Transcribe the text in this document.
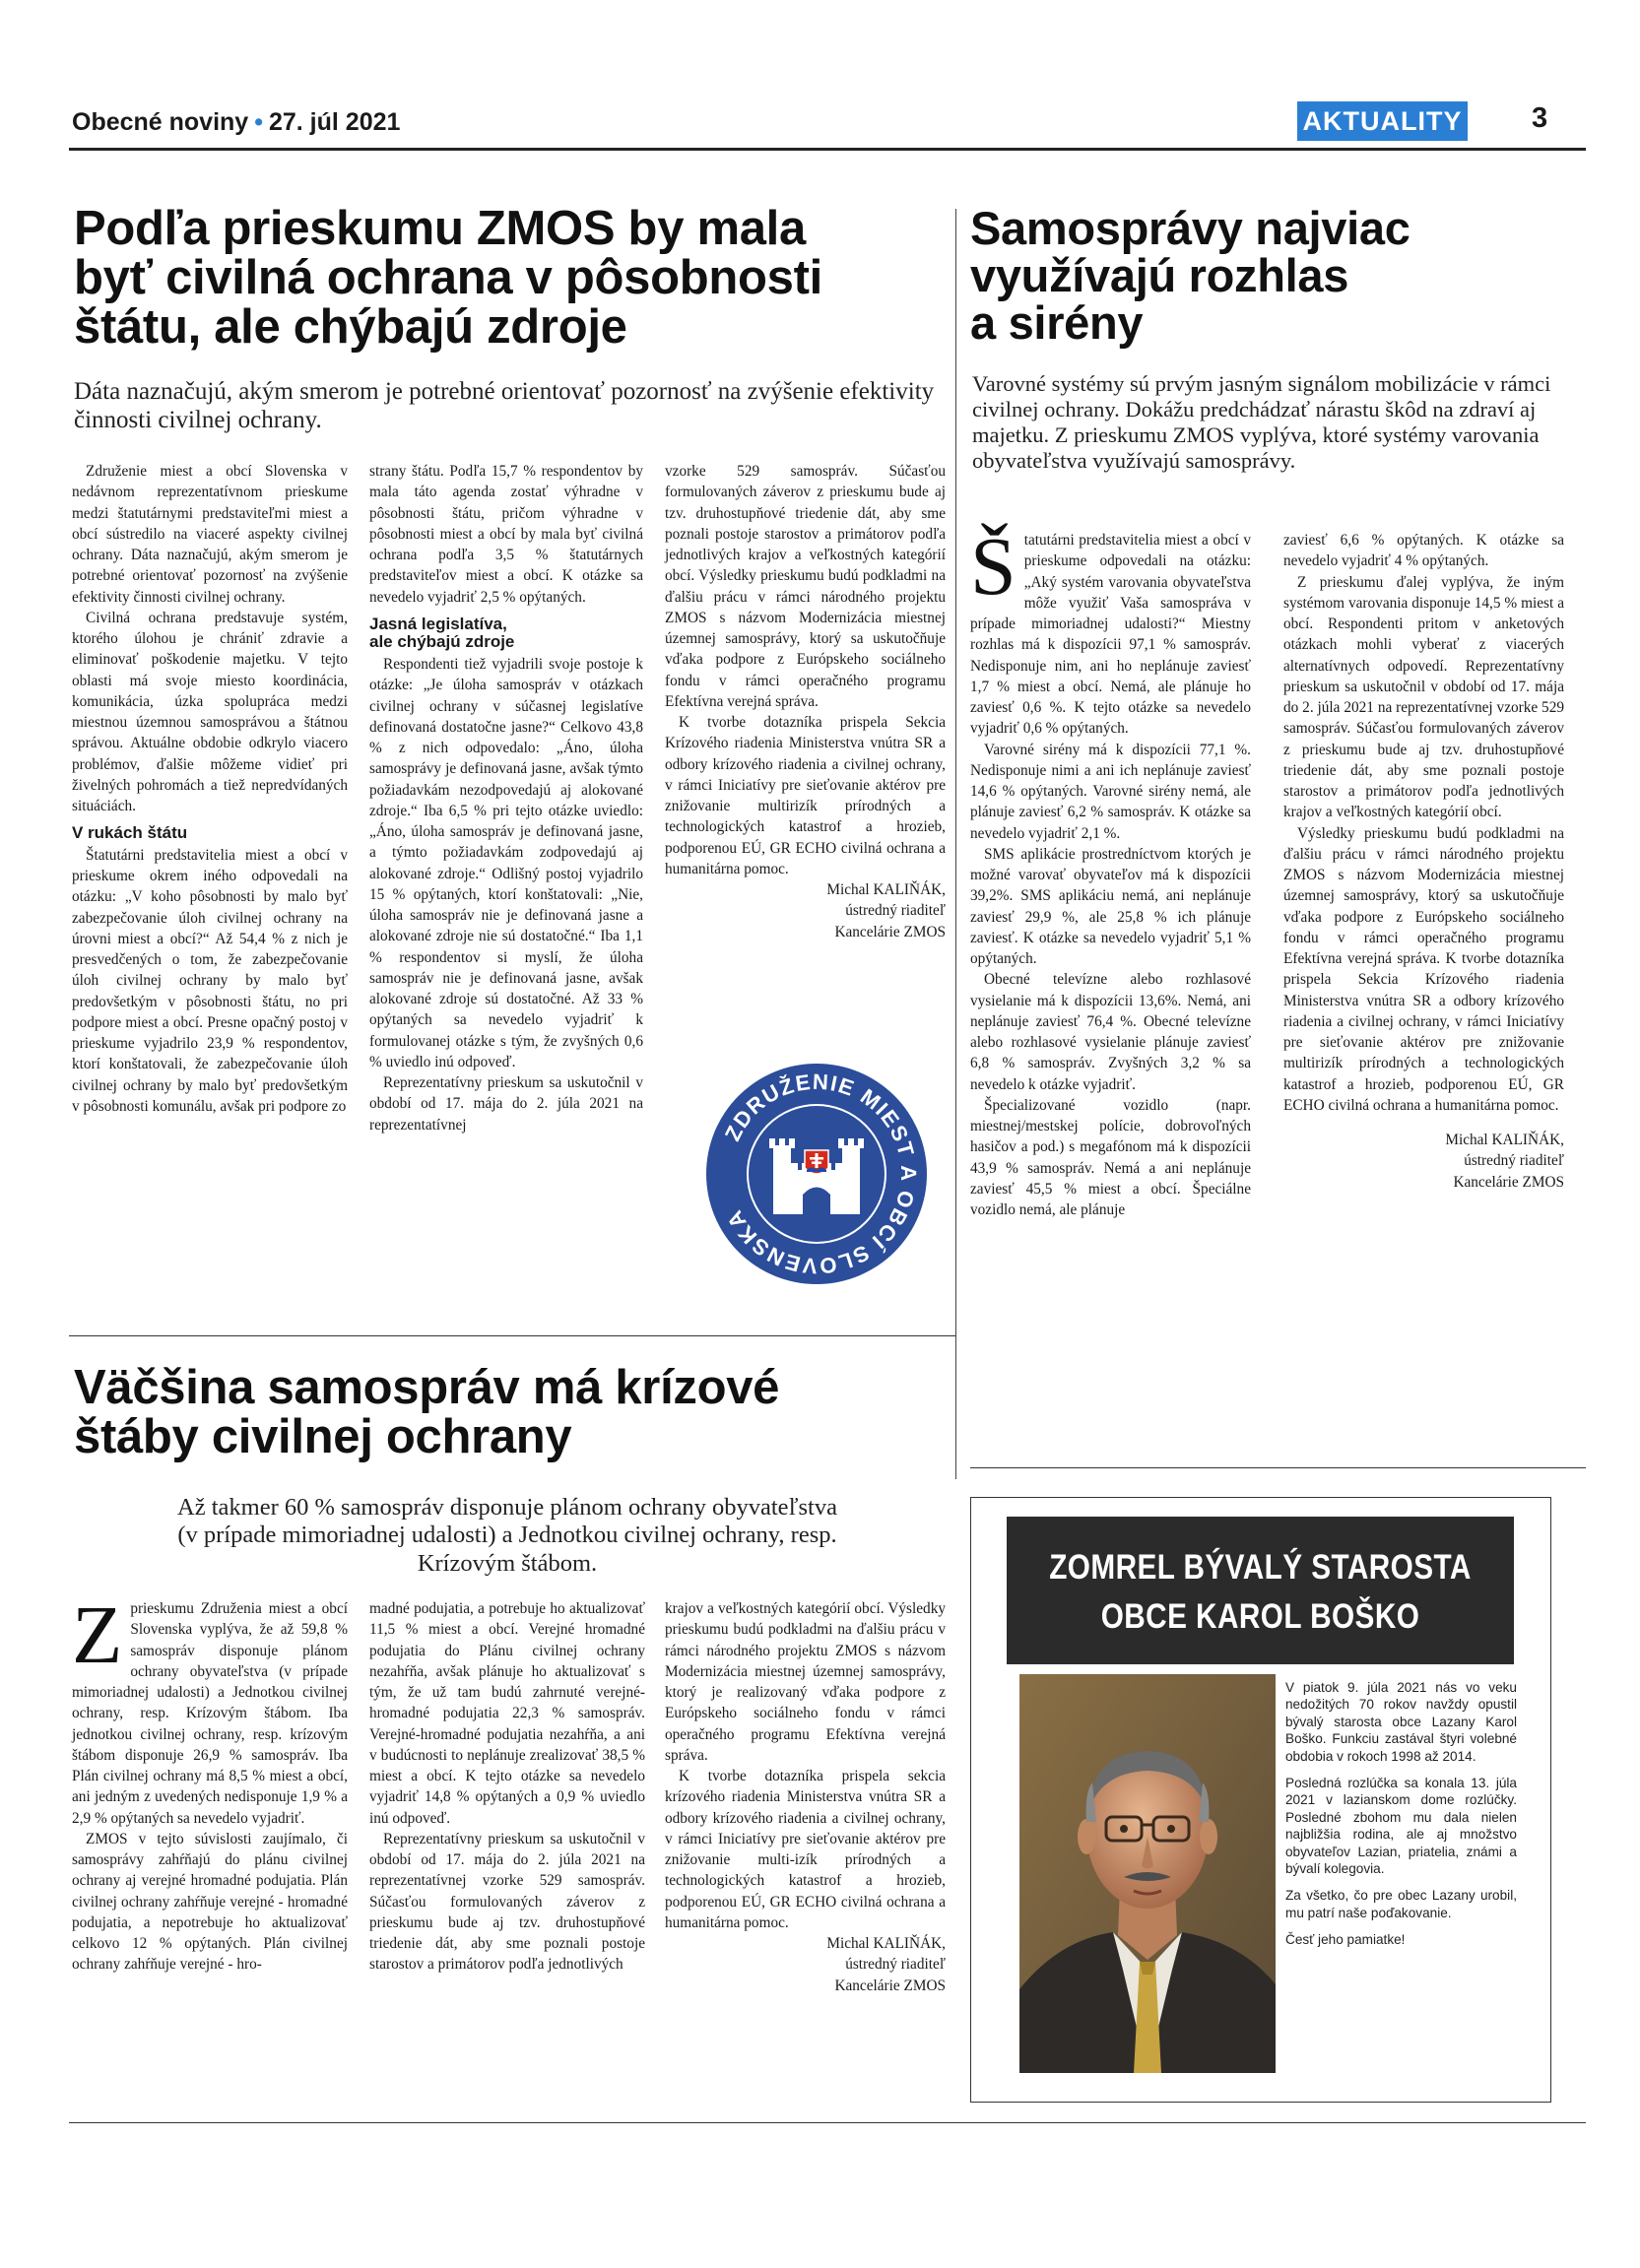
Obecné noviny • 27. júl 2021	AKTUALITY 3
Podľa prieskumu ZMOS by mala
byť civilná ochrana v pôsobnosti
štátu, ale chýbajú zdroje
Dáta naznačujú, akým smerom je potrebné orientovať pozornosť na zvýšenie efektivity činnosti civilnej ochrany.

Združenie miest a obcí Slovenska v nedávnom reprezentatívnom prieskume medzi štatutárnymi predstaviteľmi miest a obcí sústredilo na viaceré aspekty civilnej ochrany. Dáta naznačujú, akým smerom je potrebné orientovať pozornosť na zvýšenie efektivity činnosti civilnej ochrany.

Civilná ochrana predstavuje systém, ktorého úlohou je chrániť zdravie a eliminovať poškodenie majetku. V tejto oblasti má svoje miesto koordinácia, komunikácia, úzka spolupráca medzi miestnou územnou samosprávou a štátnou správou. Aktuálne obdobie odkrylo viacero problémov, ďalšie môžeme vidieť pri živelných pohromách a tiež nepredvídaných situáciách.

V rukách štátu

Štatutárni predstavitelia miest a obcí v prieskume okrem iného odpovedali na otázku: „V koho pôsobnosti by malo byť zabezpečovanie úloh civilnej ochrany na úrovni miest a obcí?“ Až 54,4 % z nich je presvedčených o tom, že zabezpečovanie úloh civilnej ochrany by malo byť predovšetkým v pôsobnosti štátu, no pri podpore miest a obcí. Presne opačný postoj v prieskume vyjadrilo 23,9 % respondentov, ktorí konštatovali, že zabezpečovanie úloh civilnej ochrany by malo byť predovšetkým v pôsobnosti komunálu, avšak pri podpore zo

strany štátu. Podľa 15,7 % respondentov by mala táto agenda zostať výhradne v pôsobnosti štátu, pričom výhradne v pôsobnosti miest a obcí by mala byť civilná ochrana podľa 3,5 % štatutárnych predstaviteľov miest a obcí. K otázke sa nevedelo vyjadriť 2,5 % opýtaných.

Jasná legislatíva,
ale chýbajú zdroje

Respondenti tiež vyjadrili svoje postoje k otázke: „Je úloha samospráv v otázkach civilnej ochrany v súčasnej legislatíve definovaná dostatočne jasne?“ Celkovo 43,8 % z nich odpovedalo: „Áno, úloha samosprávy je definovaná jasne, avšak týmto požiadavkám nezodpovedajú aj alokované zdroje.“ Iba 6,5 % pri tejto otázke uviedlo: „Áno, úloha samospráv je definovaná jasne, a týmto požiadavkám zodpovedajú aj alokované zdroje.“ Odlišný postoj vyjadrilo 15 % opýtaných, ktorí konštatovali: „Nie, úloha samospráv nie je definovaná jasne a alokované zdroje nie sú dostatočné.“ Iba 1,1 % respondentov si myslí, že úloha samospráv nie je definovaná jasne, avšak alokované zdroje sú dostatočné. Až 33 % opýtaných sa nevedelo vyjadriť k formulovanej otázke s tým, že zvyšných 0,6 % uviedlo inú odpoveď.

Reprezentatívny prieskum sa uskutočnil v období od 17. mája do 2. júla 2021 na reprezentatívnej

vzorke 529 samospráv. Súčasťou formulovaných záverov z prieskumu bude aj tzv. druhostupňové triedenie dát, aby sme poznali postoje starostov a primátorov podľa jednotlivých krajov a veľkostných kategórií obcí. Výsledky prieskumu budú podkladmi na ďalšiu prácu v rámci národného projektu ZMOS s názvom Modernizácia miestnej územnej samosprávy, ktorý sa uskutočňuje vďaka podpore z Európskeho sociálneho fondu v rámci operačného programu Efektívna verejná správa.

K tvorbe dotazníka prispela Sekcia Krízového riadenia Ministerstva vnútra SR a odbory krízového riadenia a civilnej ochrany, v rámci Iniciatívy pre sieťovanie aktérov pre znižovanie multirizík prírodných a technologických katastrof a hrozieb, podporenou EÚ, GR ECHO civilná ochrana a humanitárna pomoc.

Michal KALIŇÁK,

ústredný riaditeľ

Kancelárie ZMOS

ZDRUŽENIE MIEST A OBCÍ SLOVENSKA
Samosprávy najviac
využívajú rozhlas
a sirény
Varovné systémy sú prvým jasným signálom mobilizácie v rámci civilnej ochrany. Dokážu predchádzať nárastu škôd na zdraví aj majetku. Z prieskumu ZMOS vyplýva, ktoré systémy varovania obyvateľstva využívajú samosprávy.

Štatutárni predstavitelia miest a obcí v prieskume odpovedali na otázku: „Aký systém varovania obyvateľstva môže využiť Vaša samospráva v prípade mimoriadnej udalosti?“ Miestny rozhlas má k dispozícii 97,1 % samospráv. Nedisponuje nim, ani ho neplánuje zaviesť 1,7 % miest a obcí. Nemá, ale plánuje ho zaviesť 0,6 %. K tejto otázke sa nevedelo vyjadriť 0,6 % opýtaných.

Varovné sirény má k dispozícii 77,1 %. Nedisponuje nimi a ani ich neplánuje zaviesť 14,6 % opýtaných. Varovné sirény nemá, ale plánuje zaviesť 6,2 % samospráv. K otázke sa nevedelo vyjadriť 2,1 %.

SMS aplikácie prostredníctvom ktorých je možné varovať obyvateľov má k dispozícii 39,2%. SMS aplikáciu nemá, ani neplánuje zaviesť 29,9 %, ale 25,8 % ich plánuje zaviesť. K otázke sa nevedelo vyjadriť 5,1 % opýtaných.

Obecné televízne alebo rozhlasové vysielanie má k dispozícii 13,6%. Nemá, ani neplánuje zaviesť 76,4 %. Obecné televízne alebo rozhlasové vysielanie plánuje zaviesť 6,8 % samospráv. Zvyšných 3,2 % sa nevedelo k otázke vyjadriť.

Špecializované vozidlo (napr. miestnej/mestskej polície, dobrovoľných hasičov a pod.) s megafónom má k dispozícii 43,9 % samospráv. Nemá a ani neplánuje zaviesť 45,5 % miest a obcí. Špeciálne vozidlo nemá, ale plánuje

zaviesť 6,6 % opýtaných. K otázke sa nevedelo vyjadriť 4 % opýtaných.

Z prieskumu ďalej vyplýva, že iným systémom varovania disponuje 14,5 % miest a obcí. Respondenti pritom v anketových otázkach mohli vyberať z viacerých alternatívnych odpovedí. Reprezentatívny prieskum sa uskutočnil v období od 17. mája do 2. júla 2021 na reprezentatívnej vzorke 529 samospráv. Súčasťou formulovaných záverov z prieskumu bude aj tzv. druhostupňové triedenie dát, aby sme poznali postoje starostov a primátorov podľa jednotlivých krajov a veľkostných kategórií obcí.

Výsledky prieskumu budú podkladmi na ďalšiu prácu v rámci národného projektu ZMOS s názvom Modernizácia miestnej územnej samosprávy, ktorý sa uskutočňuje vďaka podpore z Európskeho sociálneho fondu v rámci operačného programu Efektívna verejná správa. K tvorbe dotazníka prispela Sekcia Krízového riadenia Ministerstva vnútra SR a odbory krízového riadenia a civilnej ochrany, v rámci Iniciatívy pre sieťovanie aktérov pre znižovanie multirizík prírodných a technologických katastrof a hrozieb, podporenou EÚ, GR ECHO civilná ochrana a humanitárna pomoc.

Michal KALIŇÁK,

ústredný riaditeľ

Kancelárie ZMOS

Väčšina samospráv má krízové
štáby civilnej ochrany
Až takmer 60 % samospráv disponuje plánom ochrany obyvateľstva
(v prípade mimoriadnej udalosti) a Jednotkou civilnej ochrany, resp.
Krízovým štábom.

Zprieskumu Združenia miest a obcí Slovenska vyplýva, že až 59,8 % samospráv disponuje plánom ochrany obyvateľstva (v prípade mimoriadnej udalosti) a Jednotkou civilnej ochrany, resp. Krízovým štábom. Iba jednotkou civilnej ochrany, resp. krízovým štábom disponuje 26,9 % samospráv. Iba Plán civilnej ochrany má 8,5 % miest a obcí, ani jedným z uvedených nedisponuje 1,9 % a 2,9 % opýtaných sa nevedelo vyjadriť.

ZMOS v tejto súvislosti zaujímalo, či samosprávy zahŕňajú do plánu civilnej ochrany aj verejné hromadné podujatia. Plán civilnej ochrany zahŕňuje verejné - hromadné podujatia, a nepotrebuje ho aktualizovať celkovo 12 % opýtaných. Plán civilnej ochrany zahŕňuje verejné - hro-

madné podujatia, a potrebuje ho aktualizovať 11,5 % miest a obcí. Verejné hromadné podujatia do Plánu civilnej ochrany nezahŕňa, avšak plánuje ho aktualizovať s tým, že už tam budú zahrnuté verejné-hromadné podujatia 22,3 % samospráv. Verejné-hromadné podujatia nezahŕňa, a ani v budúcnosti to neplánuje zrealizovať 38,5 % miest a obcí. K tejto otázke sa nevedelo vyjadriť 14,8 % opýtaných a 0,9 % uviedlo inú odpoveď.

Reprezentatívny prieskum sa uskutočnil v období od 17. mája do 2. júla 2021 na reprezentatívnej vzorke 529 samospráv. Súčasťou formulovaných záverov z prieskumu bude aj tzv. druhostupňové triedenie dát, aby sme poznali postoje starostov a primátorov podľa jednotlivých

krajov a veľkostných kategórií obcí. Výsledky prieskumu budú podkladmi na ďalšiu prácu v rámci národného projektu ZMOS s názvom Modernizácia miestnej územnej samosprávy, ktorý je realizovaný vďaka podpore z Európskeho sociálneho fondu v rámci operačného programu Efektívna verejná správa.

K tvorbe dotazníka prispela sekcia krízového riadenia Ministerstva vnútra SR a odbory krízového riadenia a civilnej ochrany, v rámci Iniciatívy pre sieťovanie aktérov pre znižovanie multi-izík prírodných a technologických katastrof a hrozieb, podporenou EÚ, GR ECHO civilná ochrana a humanitárna pomoc.

Michal KALIŇÁK,

ústredný riaditeľ

Kancelárie ZMOS

ZOMREL BÝVALÝ STAROSTA
OBCE KAROL BOŠKO

V piatok 9. júla 2021 nás vo veku nedožitých 70 rokov navždy opustil bývalý starosta obce Lazany Karol Boško. Funkciu zastával štyri volebné obdobia v rokoch 1998 až 2014.

Posledná rozlúčka sa konala 13. júla 2021 v lazianskom dome rozlúčky. Posledné zbohom mu dala nielen najbližšia rodina, ale aj množstvo obyvateľov Lazian, priatelia, známi a bývalí kolegovia.

Za všetko, čo pre obec Lazany urobil, mu patrí naše poďakovanie.

Česť jeho pamiatke!
